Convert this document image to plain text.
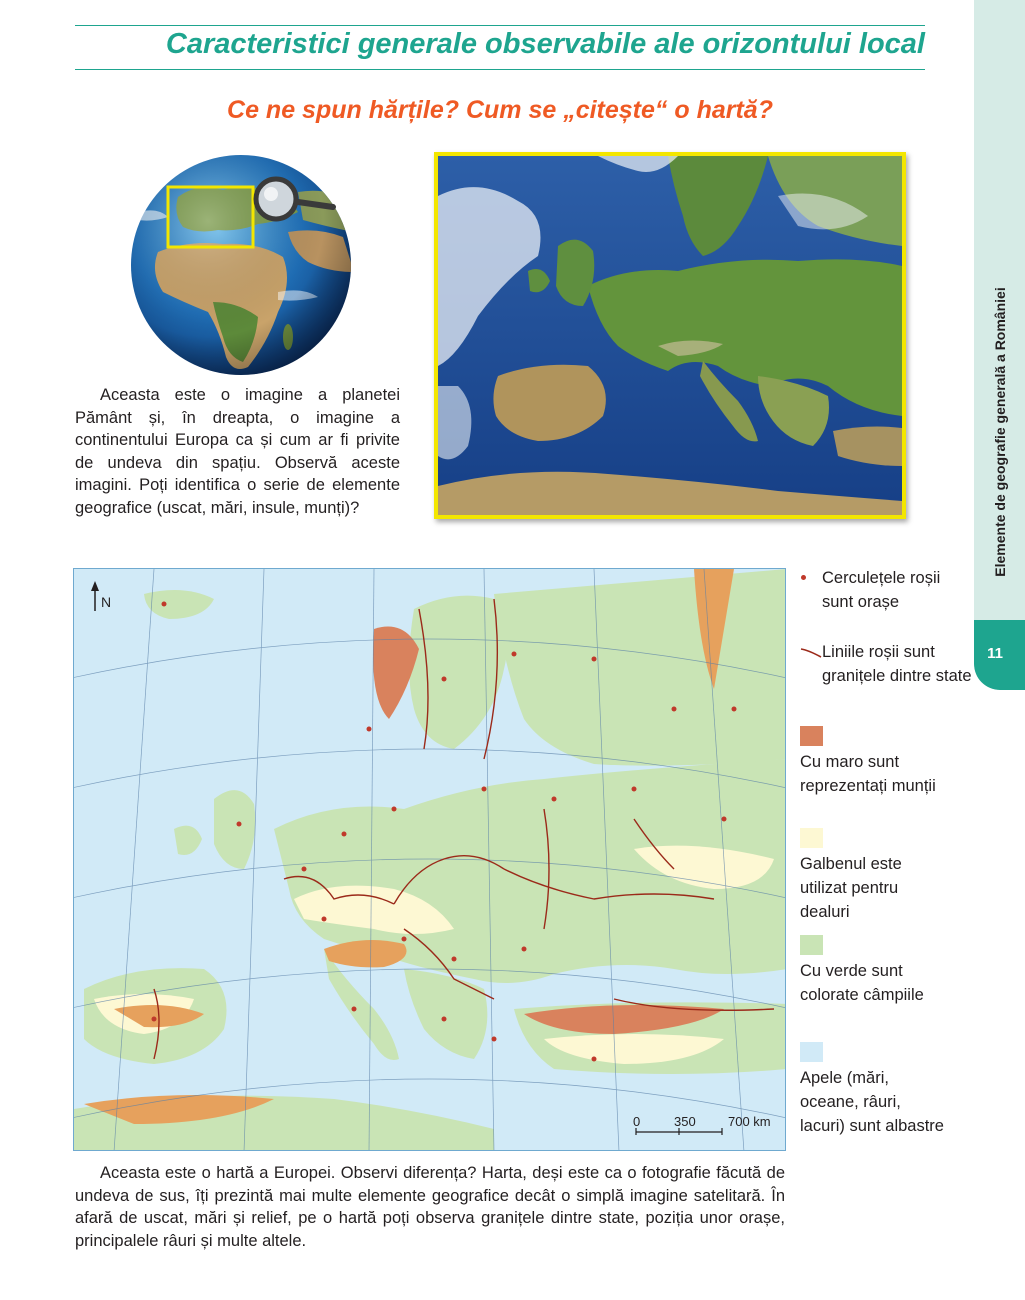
Elemente de geografie generală a României
11
Caracteristici generale observabile ale orizontului local
Ce ne spun hărțile? Cum se „citește“ o hartă?
Aceasta este o imagine a planetei Pământ și, în dreapta, o imagine a continentului Europa ca și cum ar fi privite de undeva din spațiu. Observă aceste imagini. Poți identifica o serie de elemente geografice (uscat, mări, insule, munți)?
N
0	350 700 km
Cerculețele roșii sunt orașe
Liniile roșii sunt granițele dintre state
Cu maro sunt reprezentați munții
Galbenul este utilizat pentru dealuri
Cu verde sunt colorate câmpiile
Apele (mări, oceane, râuri, lacuri) sunt albastre
Aceasta este o hartă a Europei. Observi diferența? Harta, deși este ca o fotografie făcută de undeva de sus, îți prezintă mai multe elemente geografice decât o simplă imagine satelitară. În afară de uscat, mări și relief, pe o hartă poți observa granițele dintre state, poziția unor orașe, principalele râuri și multe altele.
